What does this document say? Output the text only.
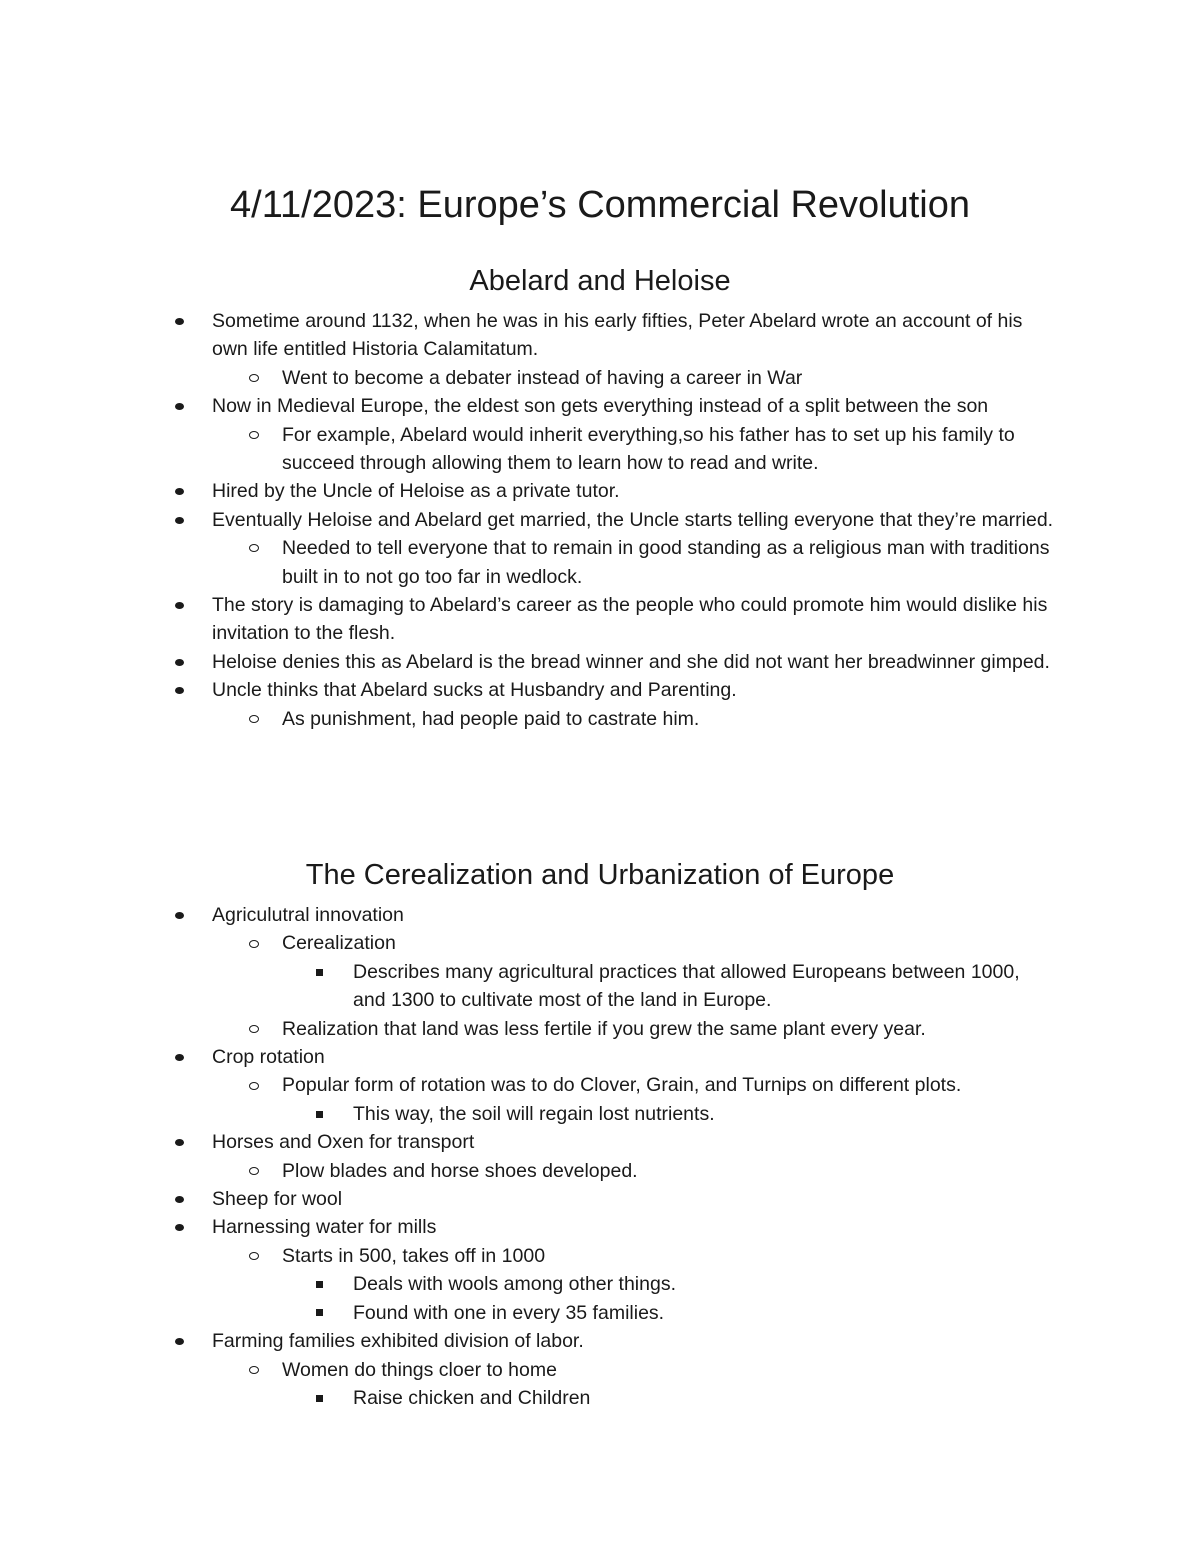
4/11/2023: Europe’s Commercial Revolution
Abelard and Heloise
Sometime around 1132, when he was in his early fifties, Peter Abelard wrote an account of his own life entitled Historia Calamitatum.
Went to become a debater instead of having a career in War
Now in Medieval Europe, the eldest son gets everything instead of a split between the son
For example, Abelard would inherit everything,so his father has to set up his family to succeed through allowing them to learn how to read and write.
Hired by the Uncle of Heloise as a private tutor.
Eventually Heloise and Abelard get married, the Uncle starts telling everyone that they’re married.
Needed to tell everyone that to remain in good standing as a religious man with traditions built in to not go too far in wedlock.
The story is damaging to Abelard’s career as the people who could promote him would dislike his invitation to the flesh.
Heloise denies this as Abelard is the bread winner and she did not want her breadwinner gimped.
Uncle thinks that Abelard sucks at Husbandry and Parenting.
As punishment, had people paid to castrate him.
The Cerealization and Urbanization of Europe
Agriculutral innovation
Cerealization
Describes many agricultural practices that allowed Europeans between 1000, and 1300 to cultivate most of the land in Europe.
Realization that land was less fertile if you grew the same plant every year.
Crop rotation
Popular form of rotation was to do Clover, Grain, and Turnips on different plots.
This way, the soil will regain lost nutrients.
Horses and Oxen for transport
Plow blades and horse shoes developed.
Sheep for wool
Harnessing water for mills
Starts in 500, takes off in 1000
Deals with wools among other things.
Found with one in every 35 families.
Farming families exhibited division of labor.
Women do things cloer to home
Raise chicken and Children
